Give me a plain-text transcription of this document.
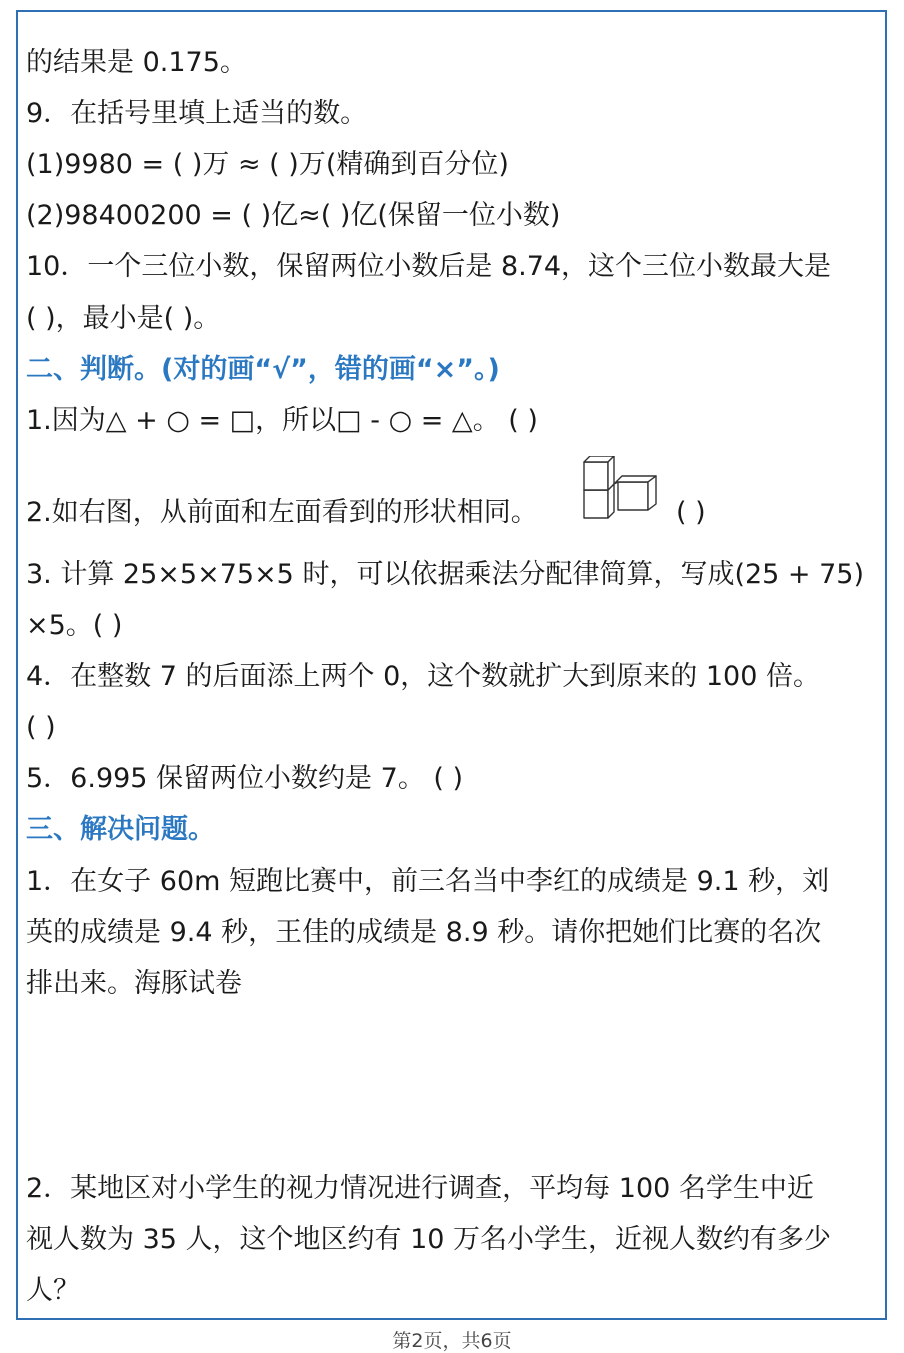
的结果是 0.175。
9．在括号里填上适当的数。
(1)9980 = ( )万 ≈ ( )万(精确到百分位)
(2)98400200 = ( )亿≈( )亿(保留一位小数)
10．一个三位小数，保留两位小数后是 8.74，这个三位小数最大是
( )，最小是( )。
二、判断。(对的画“√”，错的画“×”。)
1.因为△ + ○ = □，所以□ - ○ = △。 ( )
2.如右图，从前面和左面看到的形状相同。	( )
3. 计算 25×5×75×5 时，可以依据乘法分配律简算，写成(25 + 75)
×5。( )
4．在整数 7 的后面添上两个 0，这个数就扩大到原来的 100 倍。
( )
5．6.995 保留两位小数约是 7。 ( )
三、解决问题。
1．在女子 60m 短跑比赛中，前三名当中李红的成绩是 9.1 秒，刘
英的成绩是 9.4 秒，王佳的成绩是 8.9 秒。请你把她们比赛的名次
排出来。海豚试卷
2．某地区对小学生的视力情况进行调查，平均每 100 名学生中近
视人数为 35 人，这个地区约有 10 万名小学生，近视人数约有多少
人？
第2页，共6页
